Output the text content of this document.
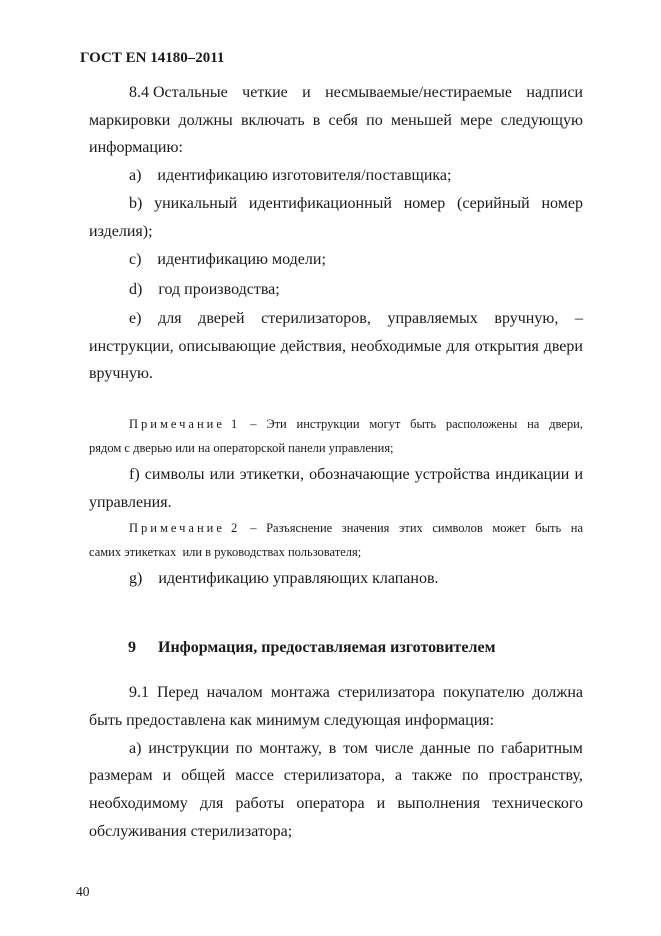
ГОСТ EN 14180–2011
8.4 Остальные четкие и несмываемые/нестираемые надписи
маркировки должны включать в себя по меньшей мере следующую
информацию:
a)    идентификацию изготовителя/поставщика;
b) уникальный идентификационный номер (серийный номер
изделия);
c)    идентификацию модели;
d)    год производства;
e) для дверей стерилизаторов, управляемых вручную, –
инструкции, описывающие действия, необходимые для открытия двери
вручную.
Примечание 1 – Эти инструкции могут быть расположены на двери,
рядом с дверью или на операторской панели управления;
f) символы или этикетки, обозначающие устройства индикации и
управления.
Примечание 2 – Разъяснение значения этих символов может быть на
самих этикетках  или в руководствах пользователя;
g)    идентификацию управляющих клапанов.
9	Информация, предоставляемая изготовителем
9.1 Перед началом монтажа стерилизатора покупателю должна
быть предоставлена как минимум следующая информация:
a) инструкции по монтажу, в том числе данные по габаритным
размерам и общей массе стерилизатора, а также по пространству,
необходимому для работы оператора и выполнения технического
обслуживания стерилизатора;
40
